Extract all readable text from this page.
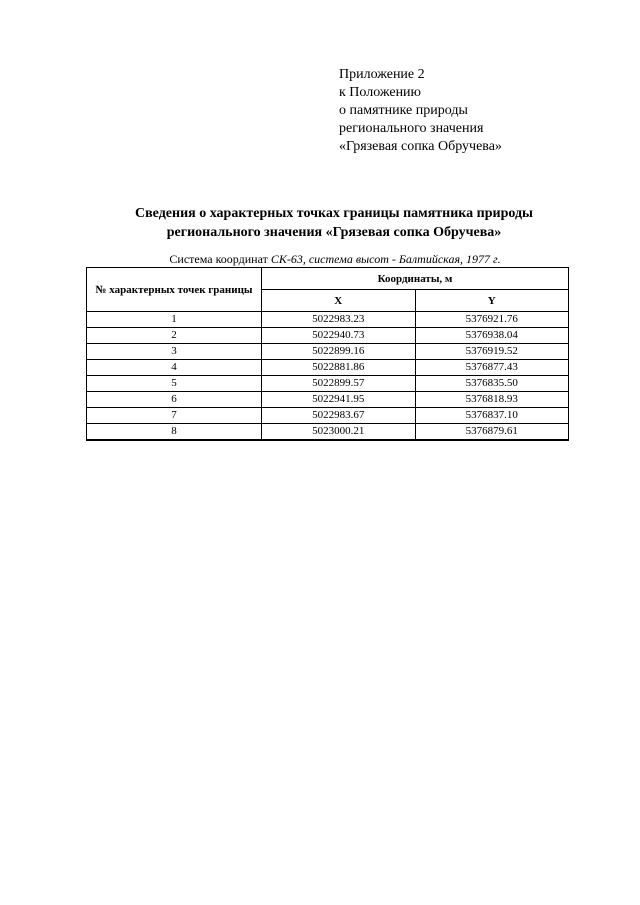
Приложение 2
к Положению
о памятнике природы
регионального значения
«Грязевая сопка Обручева»
Сведения о характерных точках границы памятника природы
регионального значения «Грязевая сопка Обручева»
Система координат СК-63, система высот - Балтийская, 1977 г.
№ характерных точек границы	Координаты, м	
	X	Y
1	5022983.23	5376921.76
2	5022940.73	5376938.04
3	5022899.16	5376919.52
4	5022881.86	5376877.43
5	5022899.57	5376835.50
6	5022941.95	5376818.93
7	5022983.67	5376837.10
8	5023000.21	5376879.61
